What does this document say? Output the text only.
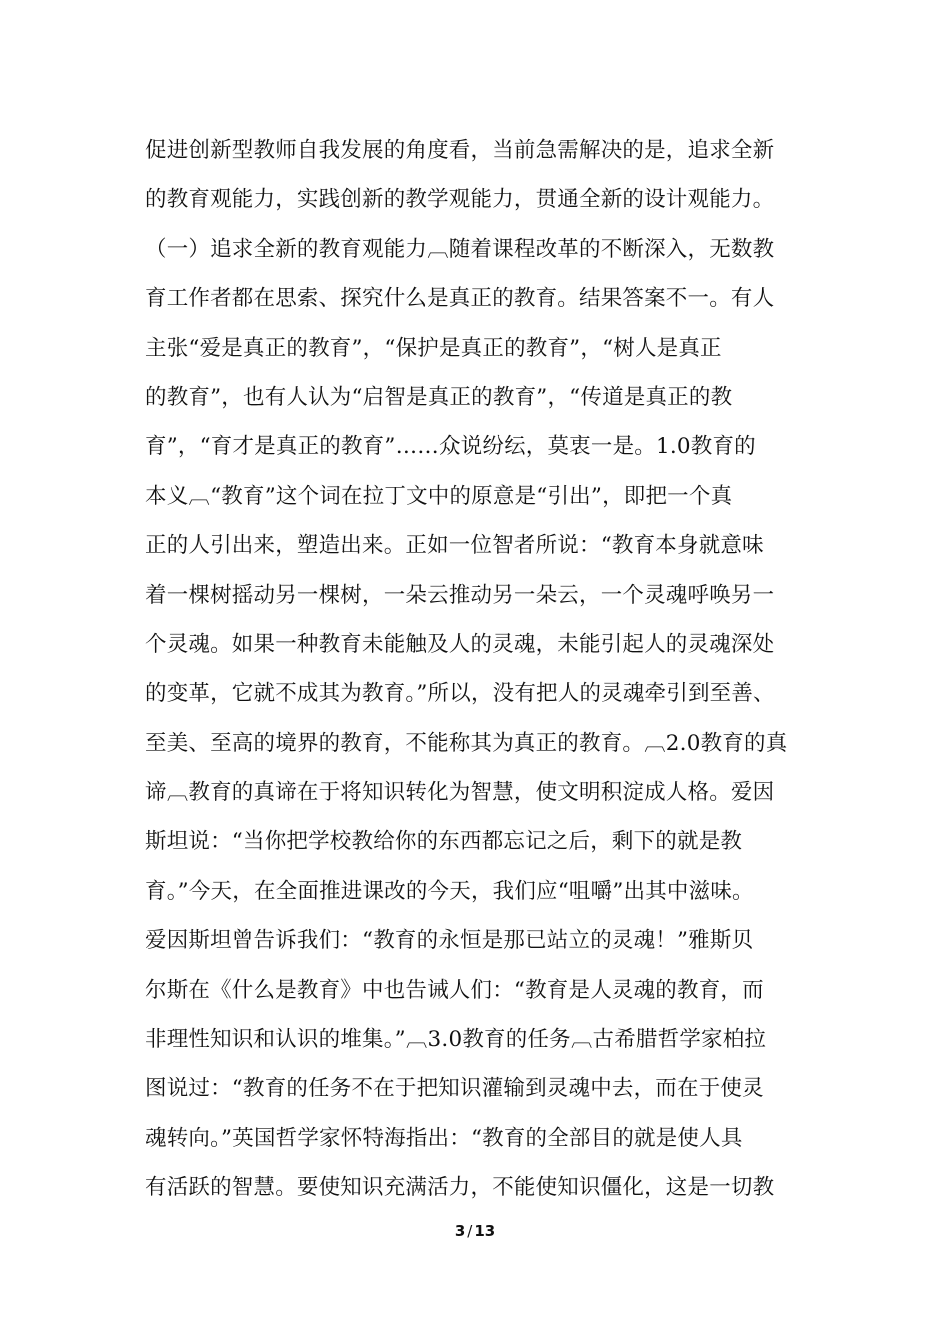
促进创新型教师自我发展的角度看，当前急需解决的是，追求全新
的教育观能力，实践创新的教学观能力，贯通全新的设计观能力。
（一）追求全新的教育观能力︹随着课程改革的不断深入，无数教
育工作者都在思索、探究什么是真正的教育。结果答案不一。有人
主张“爱是真正的教育”，“保护是真正的教育”，“树人是真正
的教育”，也有人认为“启智是真正的教育”，“传道是真正的教
育”，“育才是真正的教育”……众说纷纭，莫衷一是。1.0教育的
本义︹“教育”这个词在拉丁文中的原意是“引出”，即把一个真
正的人引出来，塑造出来。正如一位智者所说：“教育本身就意味
着一棵树摇动另一棵树，一朵云推动另一朵云，一个灵魂呼唤另一
个灵魂。如果一种教育未能触及人的灵魂，未能引起人的灵魂深处
的变革，它就不成其为教育。”所以，没有把人的灵魂牵引到至善、
至美、至高的境界的教育，不能称其为真正的教育。︹2.0教育的真
谛︹教育的真谛在于将知识转化为智慧，使文明积淀成人格。爱因
斯坦说：“当你把学校教给你的东西都忘记之后，剩下的就是教
育。”今天，在全面推进课改的今天，我们应“咀嚼”出其中滋味。
爱因斯坦曾告诉我们：“教育的永恒是那已站立的灵魂！”雅斯贝
尔斯在《什么是教育》中也告诫人们：“教育是人灵魂的教育，而
非理性知识和认识的堆集。”︹3.0教育的任务︹古希腊哲学家柏拉
图说过：“教育的任务不在于把知识灌输到灵魂中去，而在于使灵
魂转向。”英国哲学家怀特海指出：“教育的全部目的就是使人具
有活跃的智慧。要使知识充满活力，不能使知识僵化，这是一切教
3 / 13
